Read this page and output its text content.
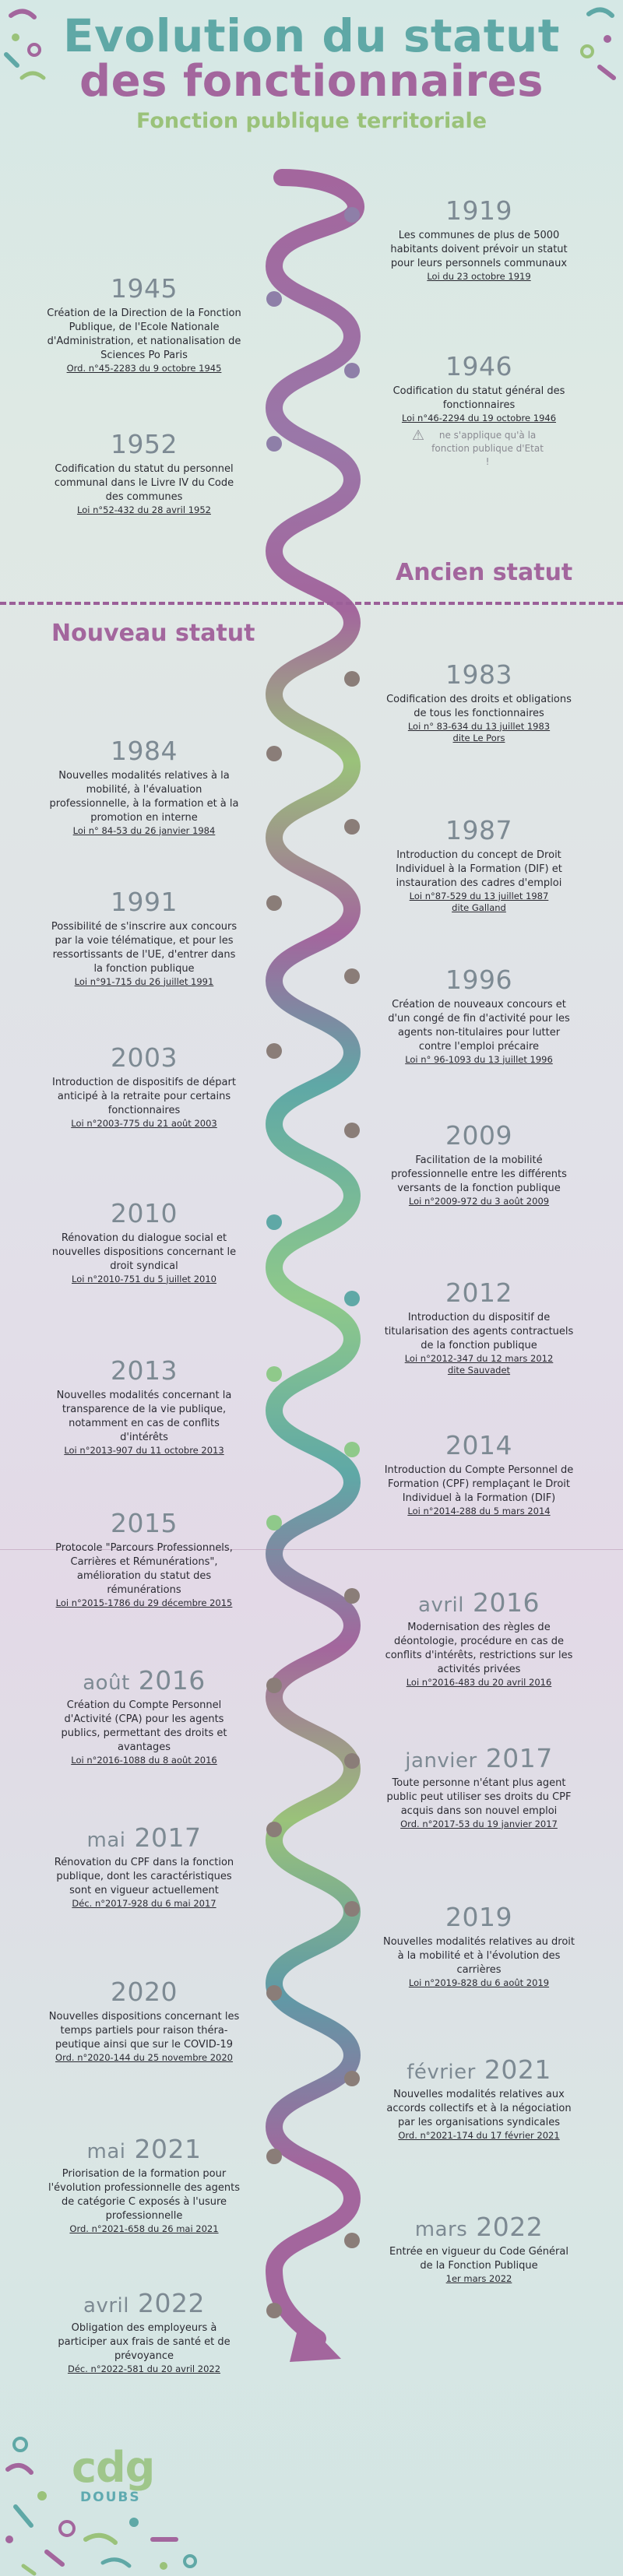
Evolution du statut
des fonctionnaires
Fonction publique territoriale
Ancien statut
Nouveau statut
1919
Les communes de plus de 5000 habitants doivent prévoir un statut pour leurs personnels communaux
Loi du 23 octobre 1919
1945
Création de la Direction de la Fonction Publique, de l'Ecole Nationale d'Administration, et nationalisation de Sciences Po Paris
Ord. n°45-2283 du 9 octobre 1945	1946
Codification du statut général des fonctionnaires
Loi n°46-2294 du 19 octobre 1946
⚠	ne s'applique qu'à la fonction publique d'Etat !
1952
Codification du statut du personnel communal dans le Livre IV du Code des communes
Loi n°52-432 du 28 avril 1952
1983
Codification des droits et obligations de tous les fonctionnaires
Loi n° 83-634 du 13 juillet 1983
dite Le Pors
1984
Nouvelles modalités relatives à la mobilité, à l'évaluation professionnelle, à la formation et à la promotion en interne
Loi n° 84-53 du 26 janvier 1984	1987
Introduction du concept de Droit Individuel à la Formation (DIF) et instauration des cadres d'emploi
Loi n°87-529 du 13 juillet 1987
dite Galland
1991
Possibilité de s'inscrire aux concours par la voie télématique, et pour les ressortissants de l'UE, d'entrer dans la fonction publique
Loi n°91-715 du 26 juillet 1991	1996
Création de nouveaux concours et d'un congé de fin d'activité pour les agents non-titulaires pour lutter contre l'emploi précaire
Loi n° 96-1093 du 13 juillet 1996
2003
Introduction de dispositifs de départ anticipé à la retraite pour certains fonctionnaires
Loi n°2003-775 du 21 août 2003	2009
Facilitation de la mobilité professionnelle entre les différents versants de la fonction publique
Loi n°2009-972 du 3 août 2009
2010
Rénovation du dialogue social et nouvelles dispositions concernant le droit syndical
Loi n°2010-751 du 5 juillet 2010	2012
Introduction du dispositif de titularisation des agents contractuels de la fonction publique
Loi n°2012-347 du 12 mars 2012
dite Sauvadet
2013
Nouvelles modalités concernant la transparence de la vie publique, notamment en cas de conflits d'intérêts
Loi n°2013-907 du 11 octobre 2013	2014
Introduction du Compte Personnel de Formation (CPF) remplaçant le Droit Individuel à la Formation (DIF)
Loi n°2014-288 du 5 mars 2014
2015
Protocole "Parcours Professionnels, Carrières et Rémunérations", amélioration du statut des rémunérations
Loi n°2015-1786 du 29 décembre 2015	avril 2016
Modernisation des règles de déontologie, procédure en cas de conflits d'intérêts, restrictions sur les activités privées
Loi n°2016-483 du 20 avril 2016
août 2016
Création du Compte Personnel d'Activité (CPA) pour les agents publics, permettant des droits et avantages
Loi n°2016-1088 du 8 août 2016	janvier 2017
Toute personne n'étant plus agent public peut utiliser ses droits du CPF acquis dans son nouvel emploi
Ord. n°2017-53 du 19 janvier 2017
mai 2017
Rénovation du CPF dans la fonction publique, dont les caractéristiques sont en vigueur actuellement
Déc. n°2017-928 du 6 mai 2017	2019
Nouvelles modalités relatives au droit à la mobilité et à l'évolution des carrières
Loi n°2019-828 du 6 août 2019
2020
Nouvelles dispositions concernant les temps partiels pour raison théra-peutique ainsi que sur le COVID-19
Ord. n°2020-144 du 25 novembre 2020
février 2021
Nouvelles modalités relatives aux accords collectifs et à la négociation par les organisations syndicales
Ord. n°2021-174 du 17 février 2021
mai 2021
Priorisation de la formation pour l'évolution professionnelle des agents de catégorie C exposés à l'usure professionnelle
Ord. n°2021-658 du 26 mai 2021	mars 2022
Entrée en vigueur du Code Général de la Fonction Publique
1er mars 2022
avril 2022
Obligation des employeurs à participer aux frais de santé et de prévoyance
Déc. n°2022-581 du 20 avril 2022
cdg
DOUBS
